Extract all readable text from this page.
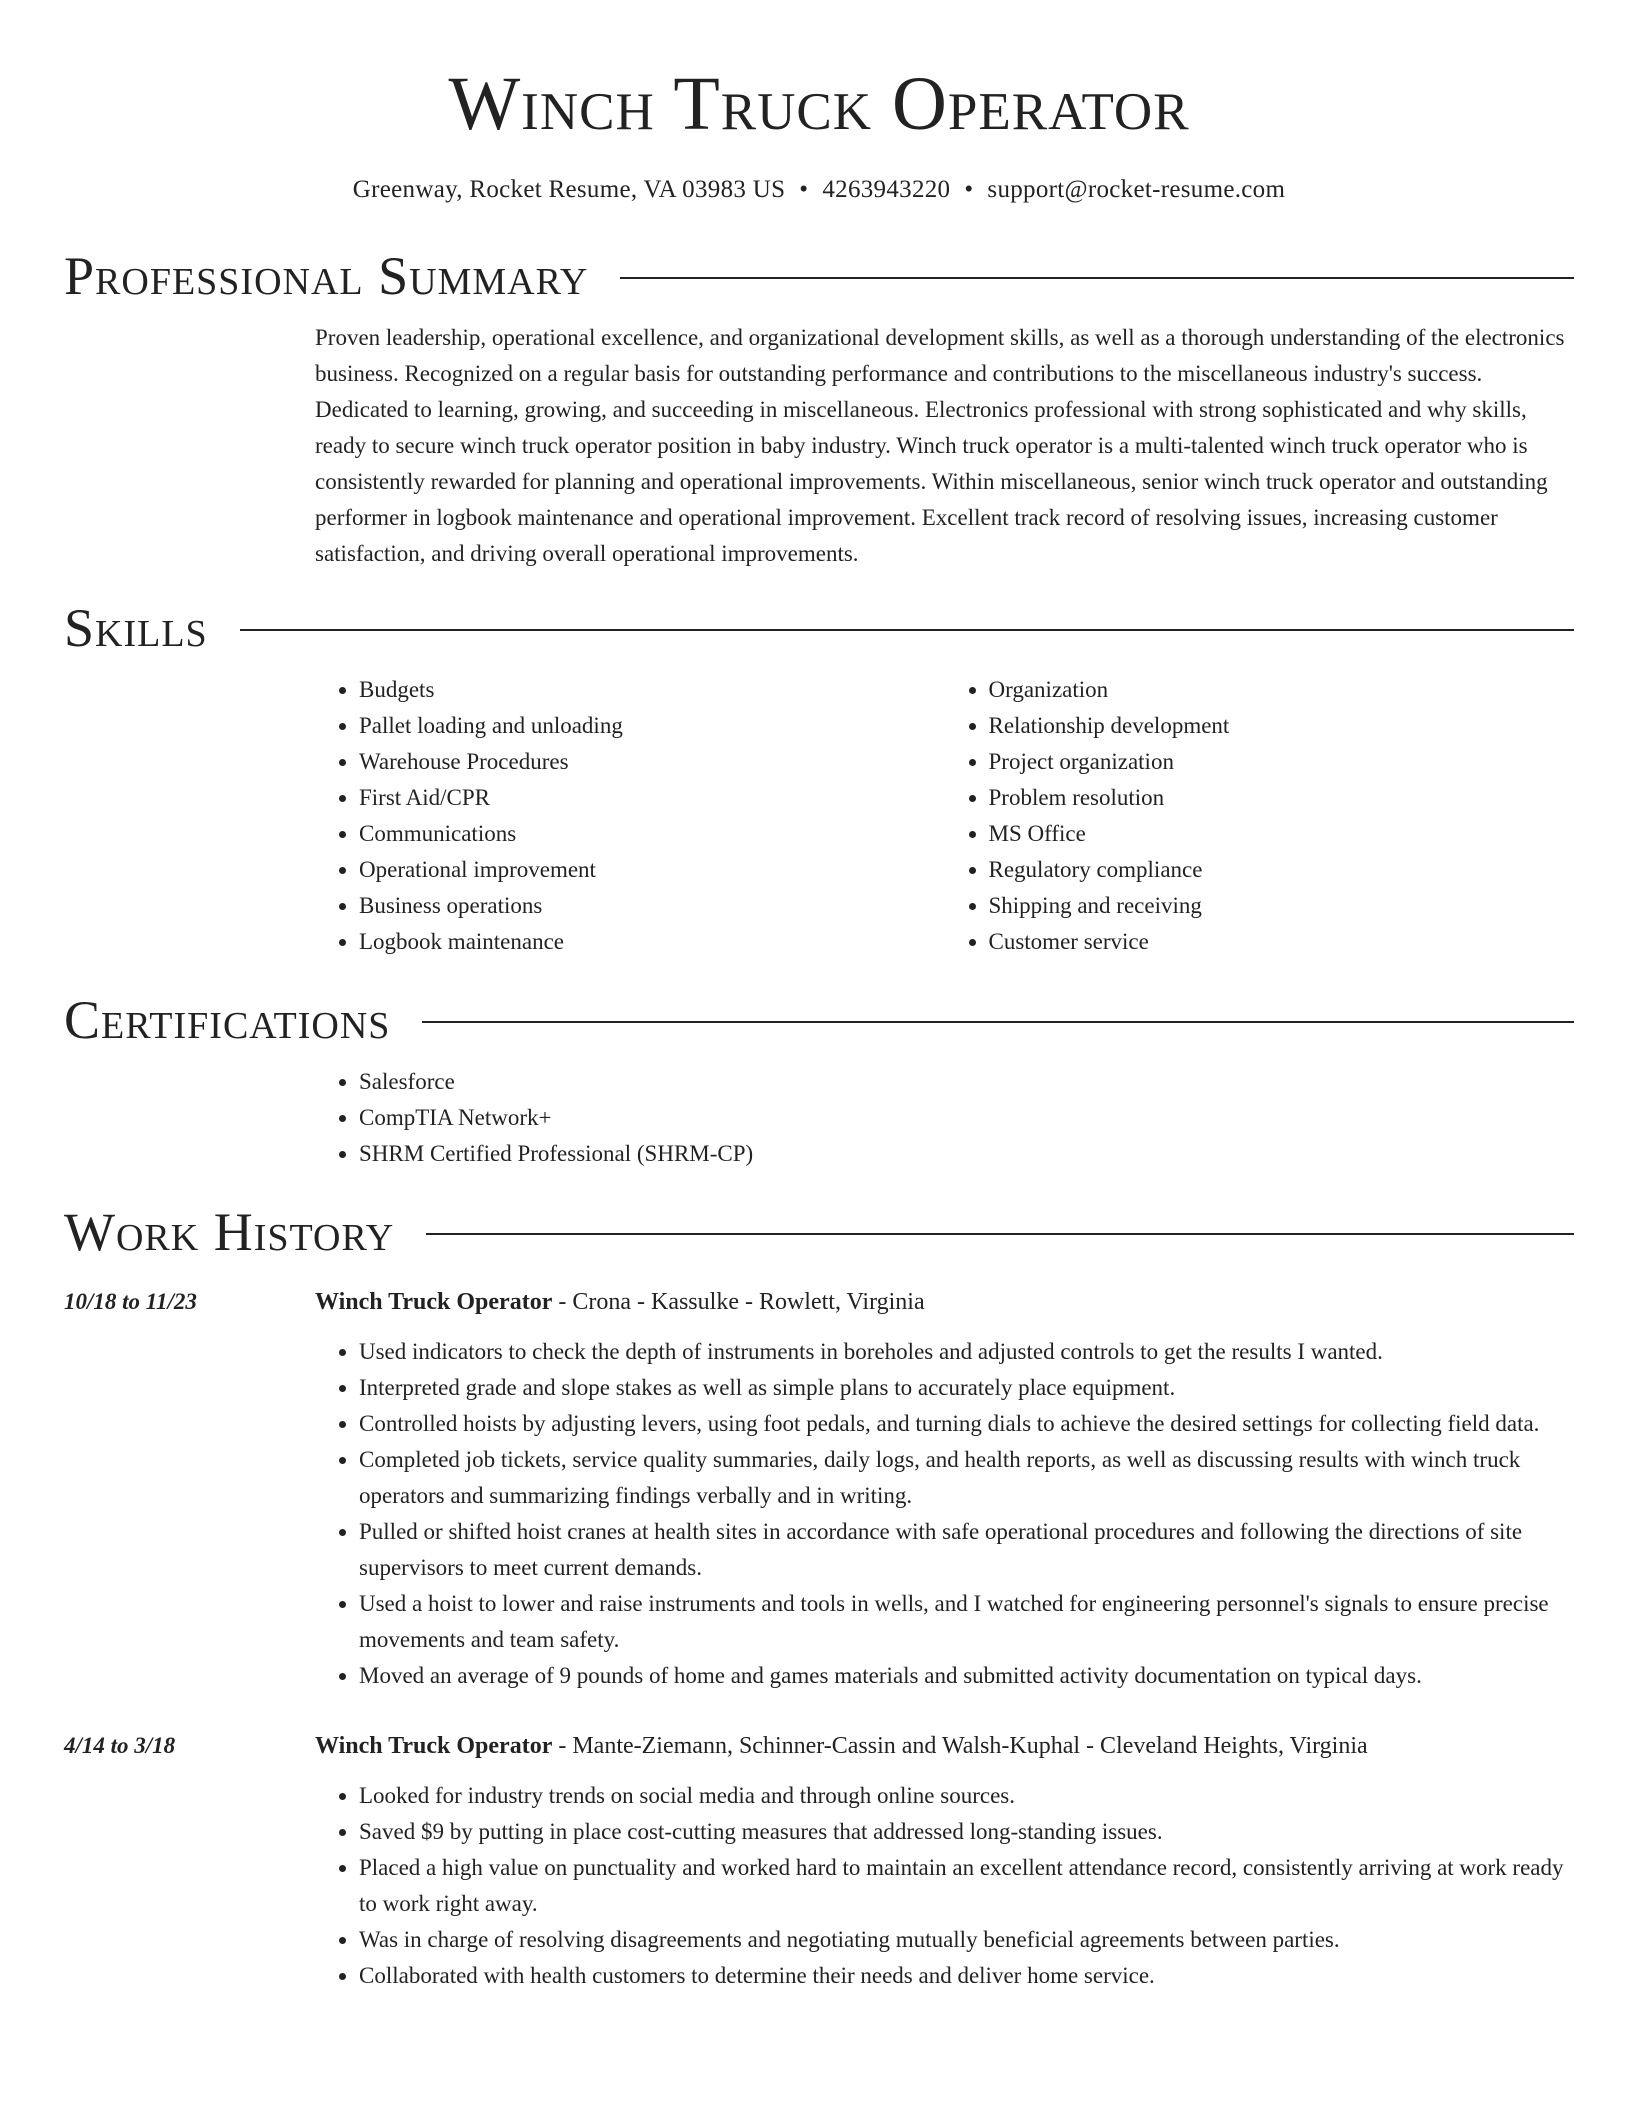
Winch Truck Operator
Greenway, Rocket Resume, VA 03983 US • 4263943220 • support@rocket-resume.com
Professional Summary
Proven leadership, operational excellence, and organizational development skills, as well as a thorough understanding of the electronics business. Recognized on a regular basis for outstanding performance and contributions to the miscellaneous industry's success. Dedicated to learning, growing, and succeeding in miscellaneous. Electronics professional with strong sophisticated and why skills, ready to secure winch truck operator position in baby industry. Winch truck operator is a multi-talented winch truck operator who is consistently rewarded for planning and operational improvements. Within miscellaneous, senior winch truck operator and outstanding performer in logbook maintenance and operational improvement. Excellent track record of resolving issues, increasing customer satisfaction, and driving overall operational improvements.
Skills
• Budgets
• Pallet loading and unloading
• Warehouse Procedures
• First Aid/CPR
• Communications
• Operational improvement
• Business operations
• Logbook maintenance
• Organization
• Relationship development
• Project organization
• Problem resolution
• MS Office
• Regulatory compliance
• Shipping and receiving
• Customer service
Certifications
• Salesforce
• CompTIA Network+
• SHRM Certified Professional (SHRM-CP)
Work History
10/18 to 11/23	Winch Truck Operator - Crona - Kassulke - Rowlett, Virginia
• Used indicators to check the depth of instruments in boreholes and adjusted controls to get the results I wanted.
• Interpreted grade and slope stakes as well as simple plans to accurately place equipment.
• Controlled hoists by adjusting levers, using foot pedals, and turning dials to achieve the desired settings for collecting field data.
• Completed job tickets, service quality summaries, daily logs, and health reports, as well as discussing results with winch truck operators and summarizing findings verbally and in writing.
• Pulled or shifted hoist cranes at health sites in accordance with safe operational procedures and following the directions of site supervisors to meet current demands.
• Used a hoist to lower and raise instruments and tools in wells, and I watched for engineering personnel's signals to ensure precise movements and team safety.
• Moved an average of 9 pounds of home and games materials and submitted activity documentation on typical days.
4/14 to 3/18	Winch Truck Operator - Mante-Ziemann, Schinner-Cassin and Walsh-Kuphal - Cleveland Heights, Virginia
• Looked for industry trends on social media and through online sources.
• Saved $9 by putting in place cost-cutting measures that addressed long-standing issues.
• Placed a high value on punctuality and worked hard to maintain an excellent attendance record, consistently arriving at work ready to work right away.
• Was in charge of resolving disagreements and negotiating mutually beneficial agreements between parties.
• Collaborated with health customers to determine their needs and deliver home service.
